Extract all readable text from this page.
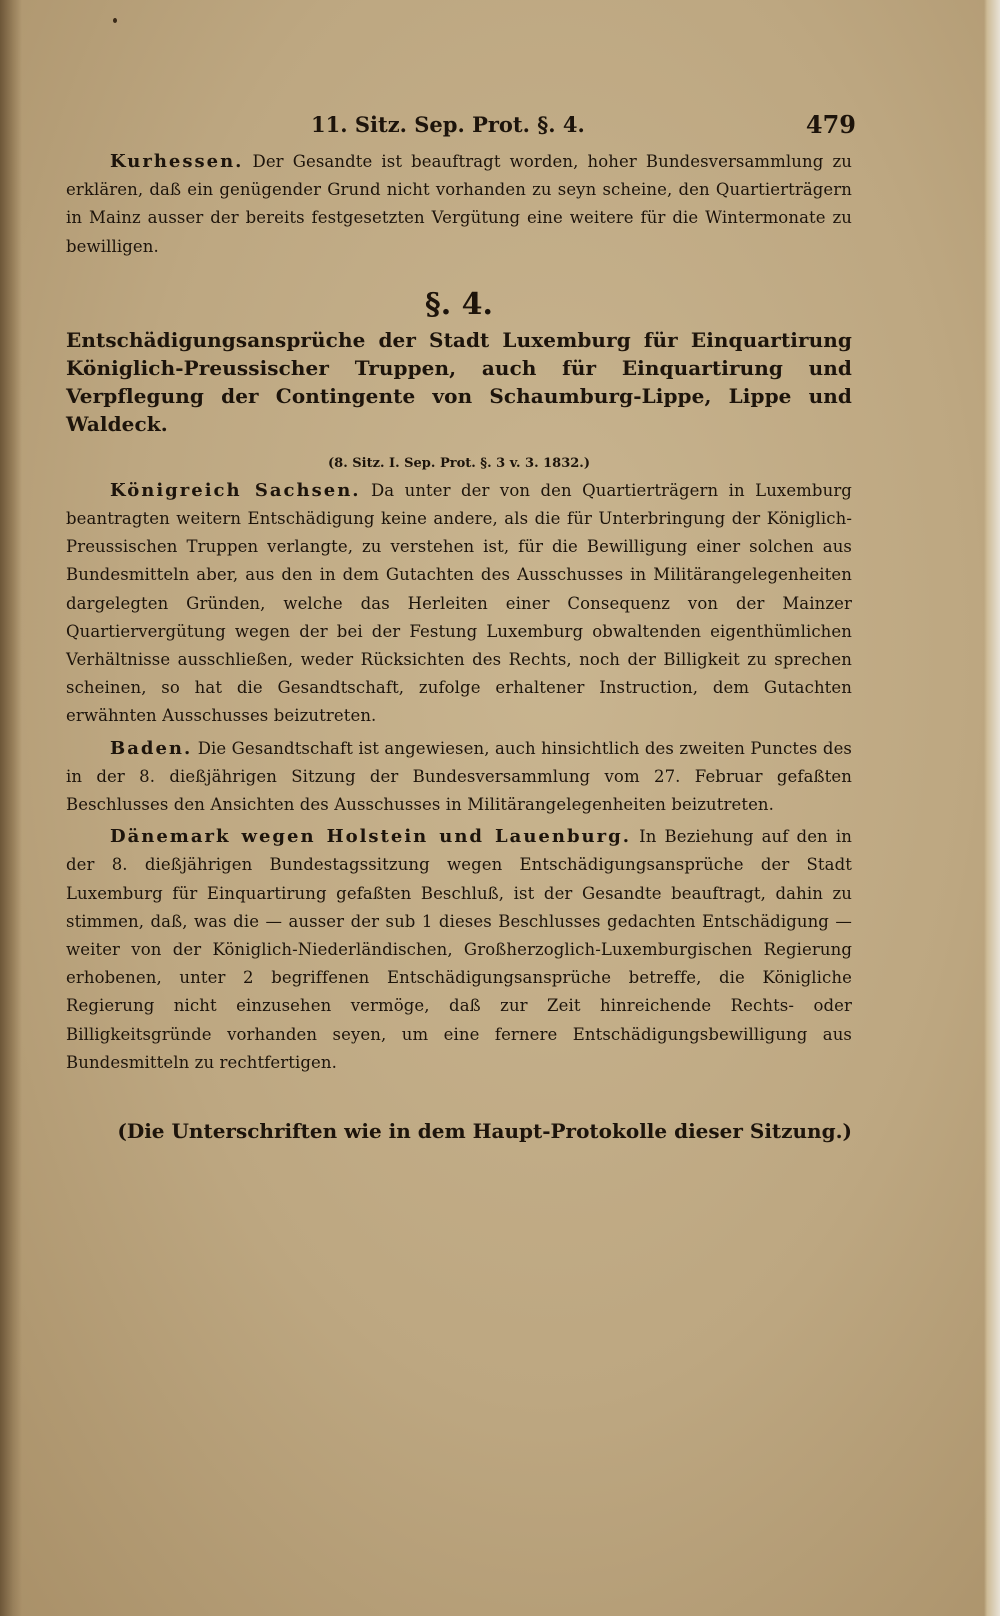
11. Sitz. Sep. Prot. §. 4.	479

Kurhessen. Der Gesandte ist beauftragt worden, hoher Bundesversammlung zu erklären, daß ein genügender Grund nicht vorhanden zu seyn scheine, den Quartierträgern in Mainz ausser der bereits festgesetzten Vergütung eine weitere für die Wintermonate zu bewilligen.

§. 4.

Entschädigungsansprüche der Stadt Luxemburg für Einquartirung Königlich-Preussischer Truppen, auch für Einquartirung und Verpflegung der Contingente von Schaumburg-Lippe, Lippe und Waldeck.

(8. Sitz. I. Sep. Prot. §. 3 v. 3. 1832.)

Königreich Sachsen. Da unter der von den Quartierträgern in Luxemburg beantragten weitern Entschädigung keine andere, als die für Unterbringung der Königlich-Preussischen Truppen verlangte, zu verstehen ist, für die Bewilligung einer solchen aus Bundesmitteln aber, aus den in dem Gutachten des Ausschusses in Militärangelegenheiten dargelegten Gründen, welche das Herleiten einer Consequenz von der Mainzer Quartiervergütung wegen der bei der Festung Luxemburg obwaltenden eigenthümlichen Verhältnisse ausschließen, weder Rücksichten des Rechts, noch der Billigkeit zu sprechen scheinen, so hat die Gesandtschaft, zufolge erhaltener Instruction, dem Gutachten erwähnten Ausschusses beizutreten.

Baden. Die Gesandtschaft ist angewiesen, auch hinsichtlich des zweiten Punctes des in der 8. dießjährigen Sitzung der Bundesversammlung vom 27. Februar gefaßten Beschlusses den Ansichten des Ausschusses in Militärangelegenheiten beizutreten.

Dänemark wegen Holstein und Lauenburg. In Beziehung auf den in der 8. dießjährigen Bundestagssitzung wegen Entschädigungsansprüche der Stadt Luxemburg für Einquartirung gefaßten Beschluß, ist der Gesandte beauftragt, dahin zu stimmen, daß, was die — ausser der sub 1 dieses Beschlusses gedachten Entschädigung — weiter von der Königlich-Niederländischen, Großherzoglich-Luxemburgischen Regierung erhobenen, unter 2 begriffenen Entschädigungsansprüche betreffe, die Königliche Regierung nicht einzusehen vermöge, daß zur Zeit hinreichende Rechts- oder Billigkeitsgründe vorhanden seyen, um eine fernere Entschädigungsbewilligung aus Bundesmitteln zu rechtfertigen.

(Die Unterschriften wie in dem Haupt-Protokolle dieser Sitzung.)
